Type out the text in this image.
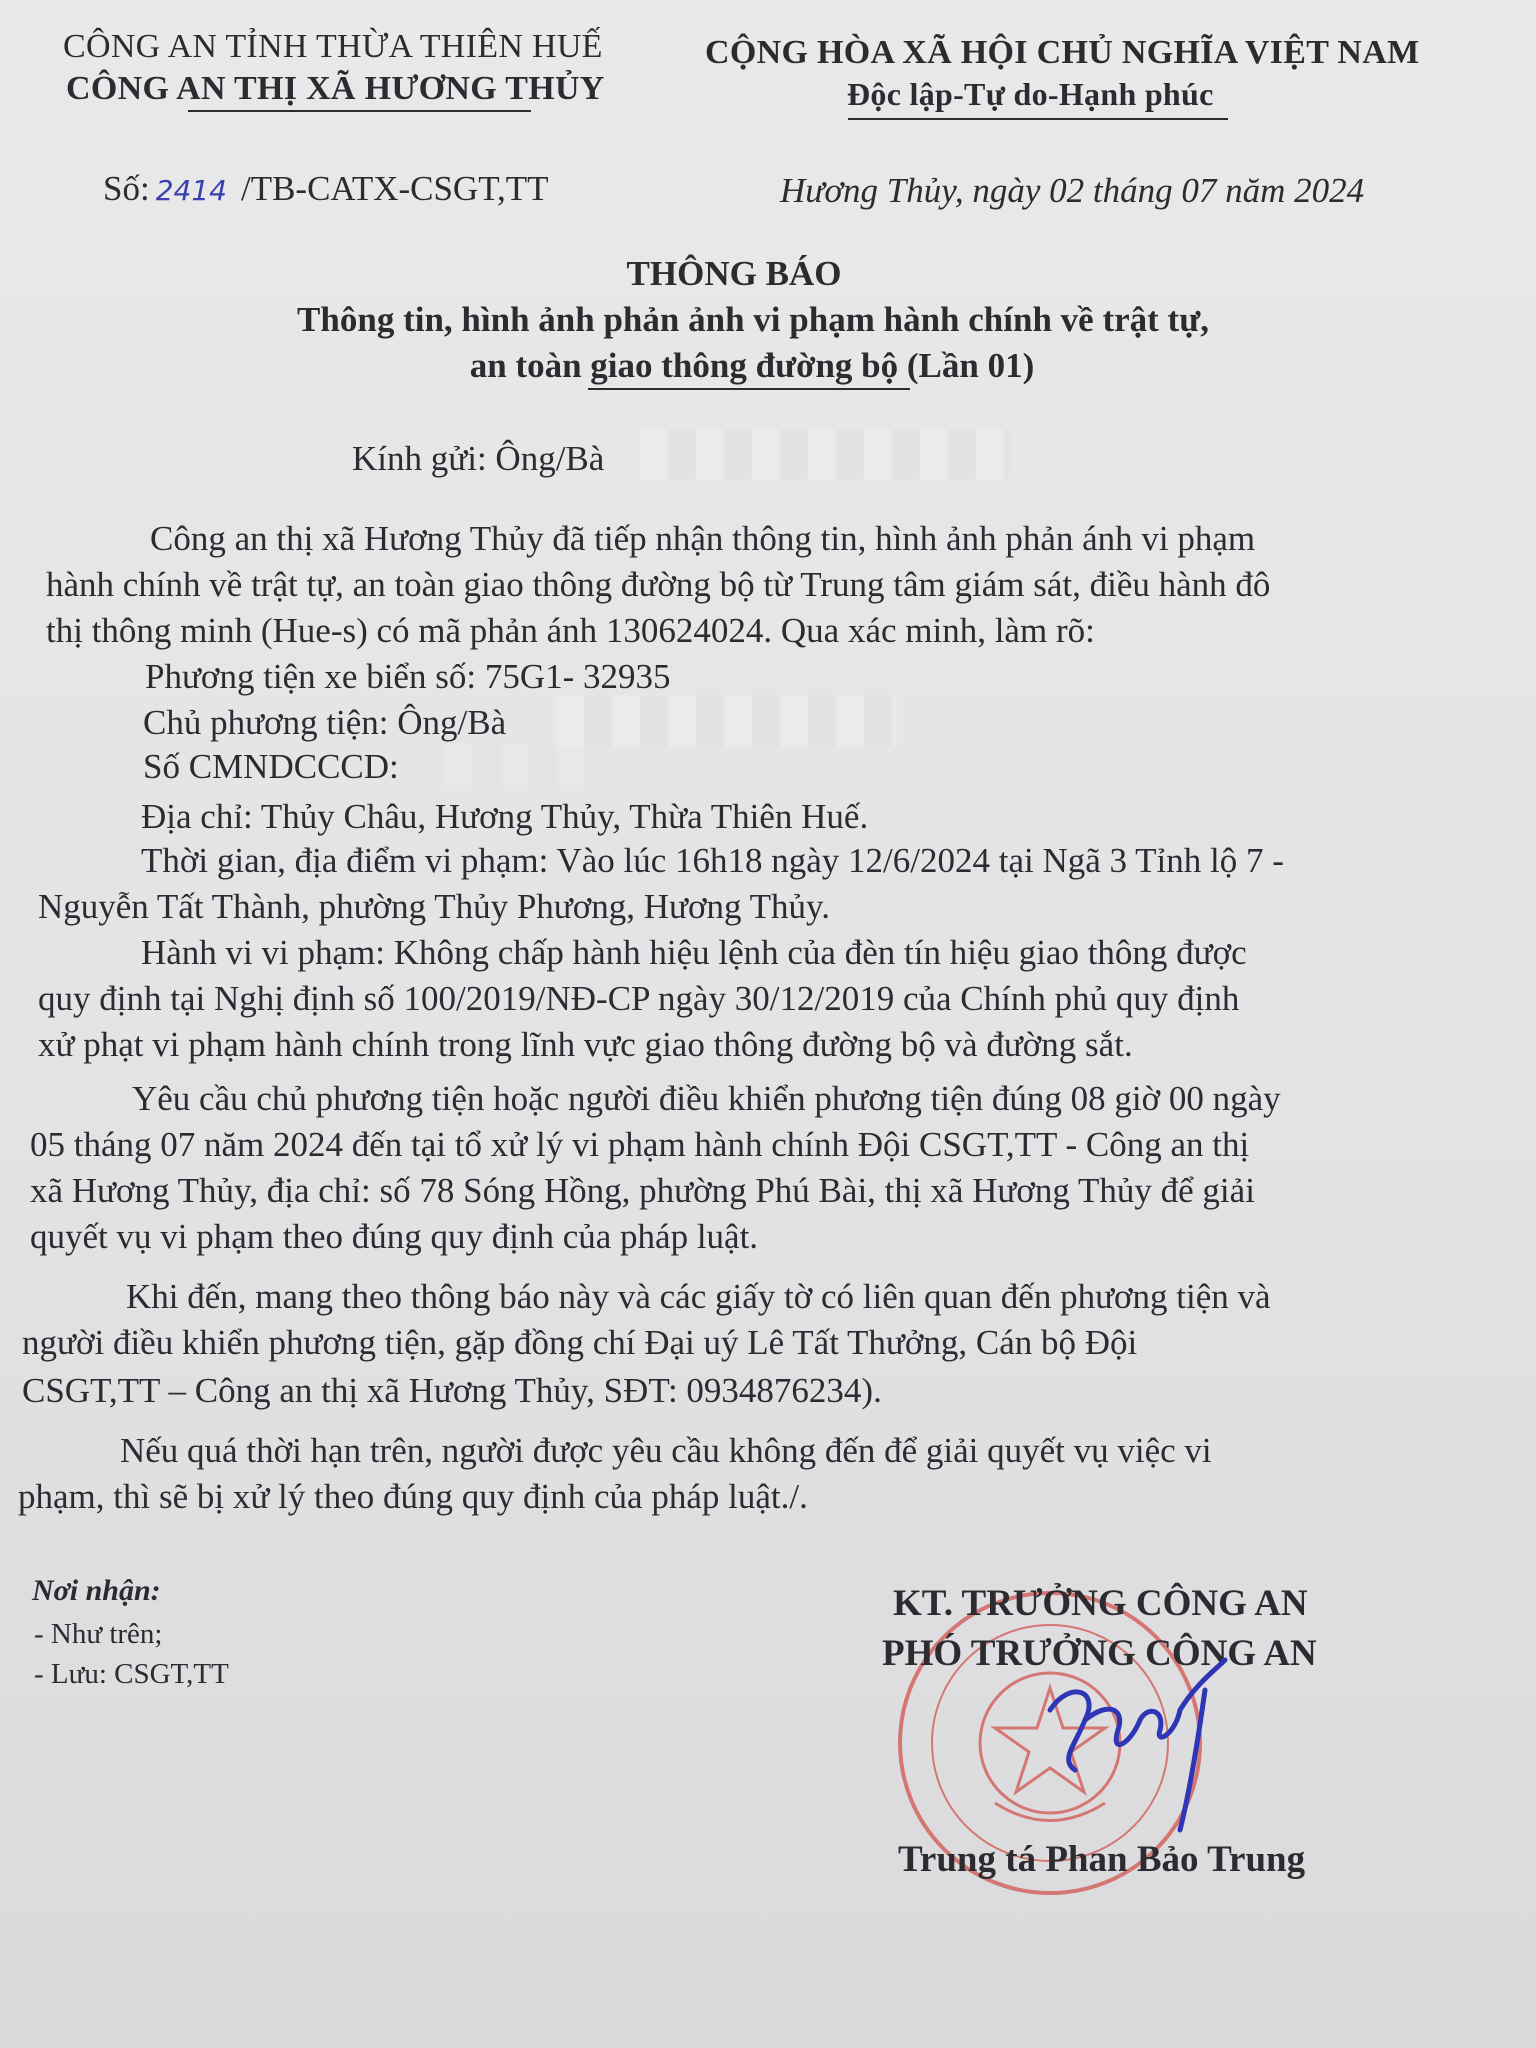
CÔNG AN TỈNH THỪA THIÊN HUẾ
CÔNG AN THỊ XÃ HƯƠNG THỦY
CỘNG HÒA XÃ HỘI CHỦ NGHĨA VIỆT NAM
Độc lập-Tự do-Hạnh phúc
Số: 2414 /TB-CATX-CSGT,TT	Hương Thủy, ngày 02 tháng 07 năm 2024
THÔNG BÁO
Thông tin, hình ảnh phản ảnh vi phạm hành chính về trật tự,
an toàn giao thông đường bộ (Lần 01)
Kính gửi: Ông/Bà
Công an thị xã Hương Thủy đã tiếp nhận thông tin, hình ảnh phản ánh vi phạm
hành chính về trật tự, an toàn giao thông đường bộ từ Trung tâm giám sát, điều hành đô
thị thông minh (Hue-s) có mã phản ánh 130624024. Qua xác minh, làm rõ:
Phương tiện xe biển số: 75G1- 32935
Chủ phương tiện: Ông/Bà
Số CMNDCCCD:
Địa chỉ: Thủy Châu, Hương Thủy, Thừa Thiên Huế.
Thời gian, địa điểm vi phạm: Vào lúc 16h18 ngày 12/6/2024 tại Ngã 3 Tỉnh lộ 7 -
Nguyễn Tất Thành, phường Thủy Phương, Hương Thủy.
Hành vi vi phạm: Không chấp hành hiệu lệnh của đèn tín hiệu giao thông được
quy định tại Nghị định số 100/2019/NĐ-CP ngày 30/12/2019 của Chính phủ quy định
xử phạt vi phạm hành chính trong lĩnh vực giao thông đường bộ và đường sắt.
Yêu cầu chủ phương tiện hoặc người điều khiển phương tiện đúng 08 giờ 00 ngày
05 tháng 07 năm 2024 đến tại tổ xử lý vi phạm hành chính Đội CSGT,TT - Công an thị
xã Hương Thủy, địa chỉ: số 78 Sóng Hồng, phường Phú Bài, thị xã Hương Thủy để giải
quyết vụ vi phạm theo đúng quy định của pháp luật.
Khi đến, mang theo thông báo này và các giấy tờ có liên quan đến phương tiện và
người điều khiển phương tiện, gặp đồng chí Đại uý Lê Tất Thưởng, Cán bộ Đội
CSGT,TT – Công an thị xã Hương Thủy, SĐT: 0934876234).
Nếu quá thời hạn trên, người được yêu cầu không đến để giải quyết vụ việc vi
phạm, thì sẽ bị xử lý theo đúng quy định của pháp luật./.
Nơi nhận:
- Như trên;
- Lưu: CSGT,TT
KT. TRƯỞNG CÔNG AN
PHÓ TRƯỞNG CÔNG AN
Trung tá Phan Bảo Trung
